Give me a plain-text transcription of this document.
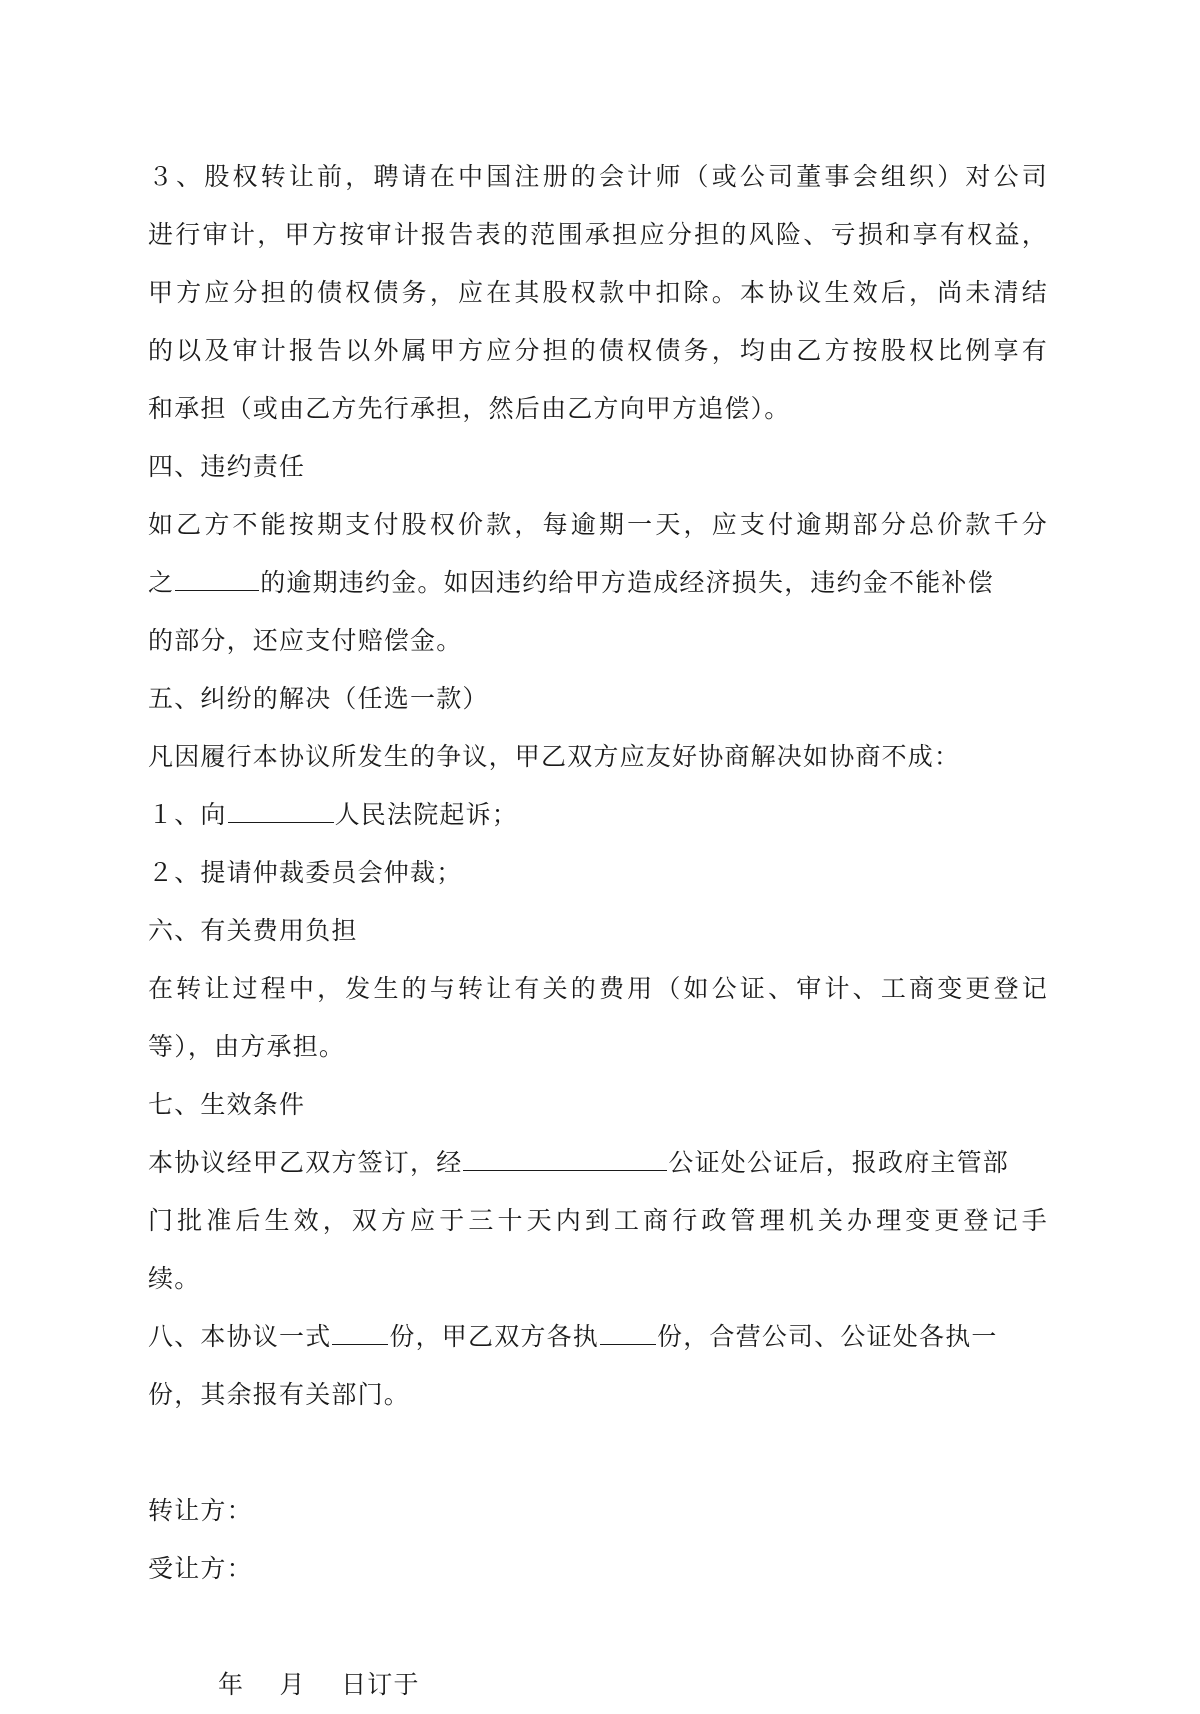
３、股权转让前，聘请在中国注册的会计师（或公司董事会组织）对公司
进行审计，甲方按审计报告表的范围承担应分担的风险、亏损和享有权益，
甲方应分担的债权债务，应在其股权款中扣除。本协议生效后，尚未清结
的以及审计报告以外属甲方应分担的债权债务，均由乙方按股权比例享有
和承担（或由乙方先行承担，然后由乙方向甲方追偿）。
四、违约责任
如乙方不能按期支付股权价款，每逾期一天，应支付逾期部分总价款千分
之	的逾期违约金。如因违约给甲方造成经济损失，违约金不能补偿
的部分，还应支付赔偿金。
五、纠纷的解决（任选一款）
凡因履行本协议所发生的争议，甲乙双方应友好协商解决如协商不成：
１、向	人民法院起诉；
２、提请仲裁委员会仲裁；
六、有关费用负担
在转让过程中，发生的与转让有关的费用（如公证、审计、工商变更登记
等），由方承担。
七、生效条件
本协议经甲乙双方签订，经	公证处公证后，报政府主管部
门批准后生效，双方应于三十天内到工商行政管理机关办理变更登记手
续。
八、本协议一式 份，甲乙双方各执 份，合营公司、公证处各执一
份，其余报有关部门。
转让方：
受让方：
年　 月 　日订于
